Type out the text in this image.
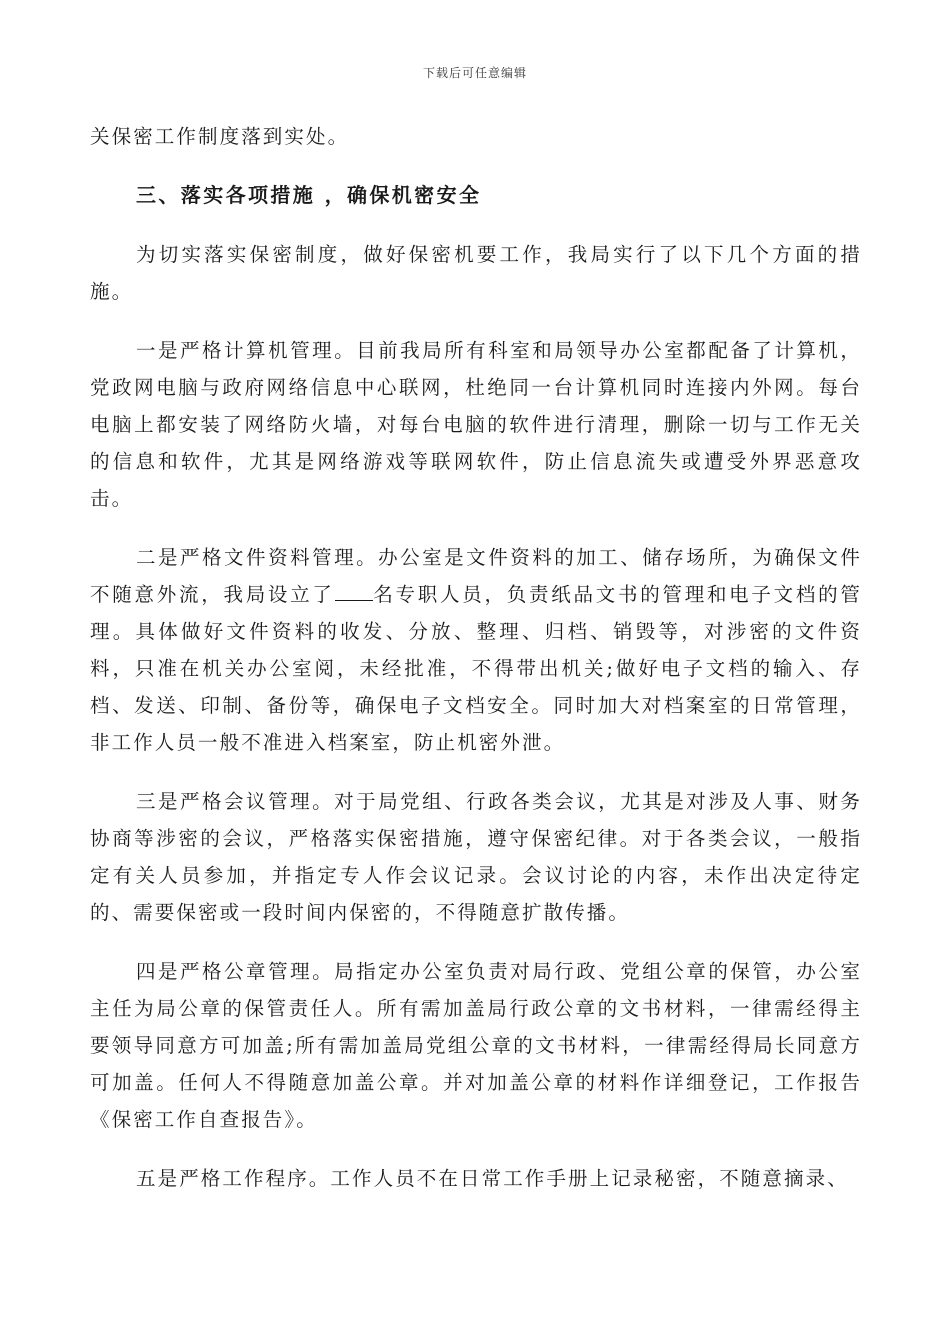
下载后可任意编辑

关保密工作制度落到实处。

三、落实各项措施 ，确保机密安全

为切实落实保密制度，做好保密机要工作，我局实行了以下几个方面的措施。

一是严格计算机管理。目前我局所有科室和局领导办公室都配备了计算机，党政网电脑与政府网络信息中心联网，杜绝同一台计算机同时连接内外网。每台电脑上都安装了网络防火墙，对每台电脑的软件进行清理，删除一切与工作无关的信息和软件，尤其是网络游戏等联网软件，防止信息流失或遭受外界恶意攻击。

二是严格文件资料管理。办公室是文件资料的加工、储存场所，为确保文件不随意外流，我局设立了 名专职人员，负责纸品文书的管理和电子文档的管理。具体做好文件资料的收发、分放、整理、归档、销毁等，对涉密的文件资料，只准在机关办公室阅，未经批准，不得带出机关;做好电子文档的输入、存档、发送、印制、备份等，确保电子文档安全。同时加大对档案室的日常管理，非工作人员一般不准进入档案室，防止机密外泄。

三是严格会议管理。对于局党组、行政各类会议，尤其是对涉及人事、财务协商等涉密的会议，严格落实保密措施，遵守保密纪律。对于各类会议，一般指定有关人员参加，并指定专人作会议记录。会议讨论的内容，未作出决定待定的、需要保密或一段时间内保密的，不得随意扩散传播。

四是严格公章管理。局指定办公室负责对局行政、党组公章的保管，办公室主任为局公章的保管责任人。所有需加盖局行政公章的文书材料，一律需经得主要领导同意方可加盖;所有需加盖局党组公章的文书材料，一律需经得局长同意方可加盖。任何人不得随意加盖公章。并对加盖公章的材料作详细登记，工作报告《保密工作自查报告》。

五是严格工作程序。工作人员不在日常工作手册上记录秘密，不随意摘录、
